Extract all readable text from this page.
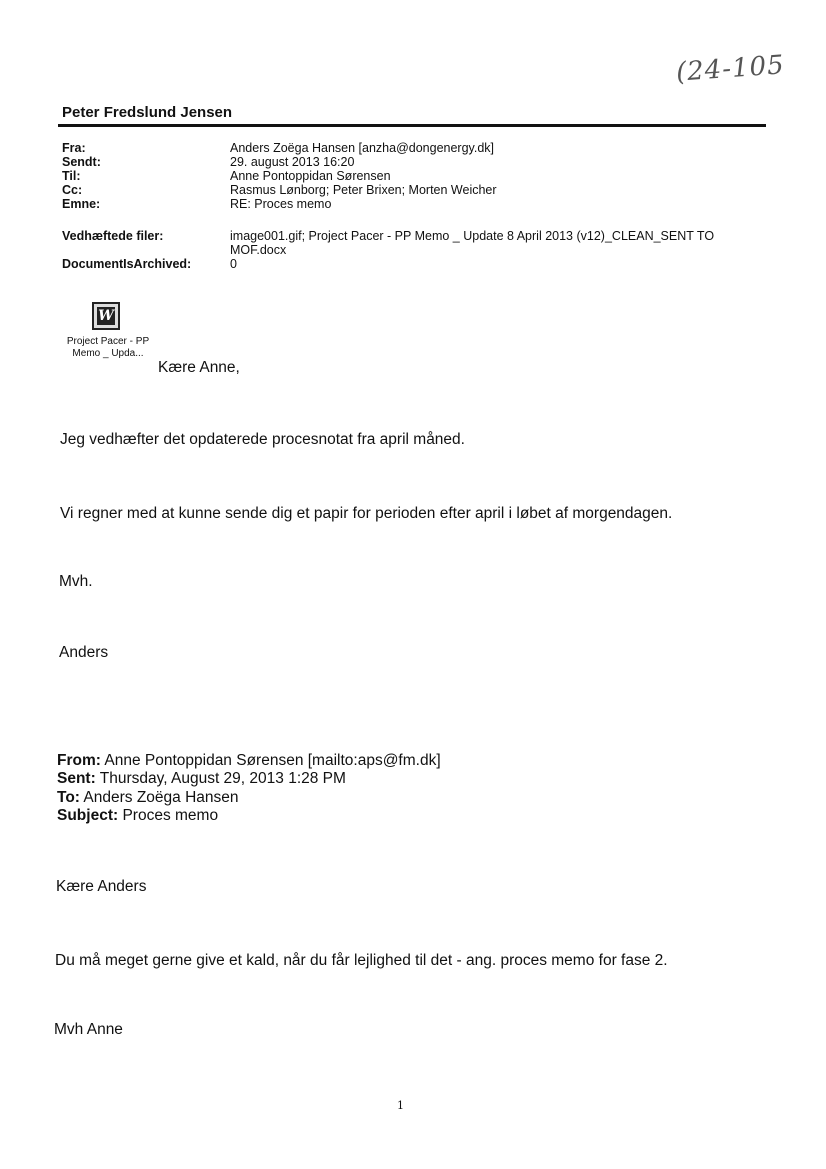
(24-105
Peter Fredslund Jensen
Fra:	Anders Zoëga Hansen [anzha@dongenergy.dk]
Sendt:	29. august 2013 16:20
Til:	Anne Pontoppidan Sørensen
Cc:	Rasmus Lønborg; Peter Brixen; Morten Weicher
Emne:	RE: Proces memo
Vedhæftede filer:	image001.gif; Project Pacer - PP Memo _ Update 8 April 2013 (v12)_CLEAN_SENT TO MOF.docx
DocumentIsArchived:	0
W
Project Pacer - PP Memo _ Upda...
Kære Anne,
Jeg vedhæfter det opdaterede procesnotat fra april måned.
Vi regner med at kunne sende dig et papir for perioden efter april i løbet af morgendagen.
Mvh.
Anders
From: Anne Pontoppidan Sørensen [mailto:aps@fm.dk]
Sent: Thursday, August 29, 2013 1:28 PM
To: Anders Zoëga Hansen
Subject: Proces memo
Kære Anders
Du må meget gerne give et kald, når du får lejlighed til det - ang. proces memo for fase 2.
Mvh Anne
1
